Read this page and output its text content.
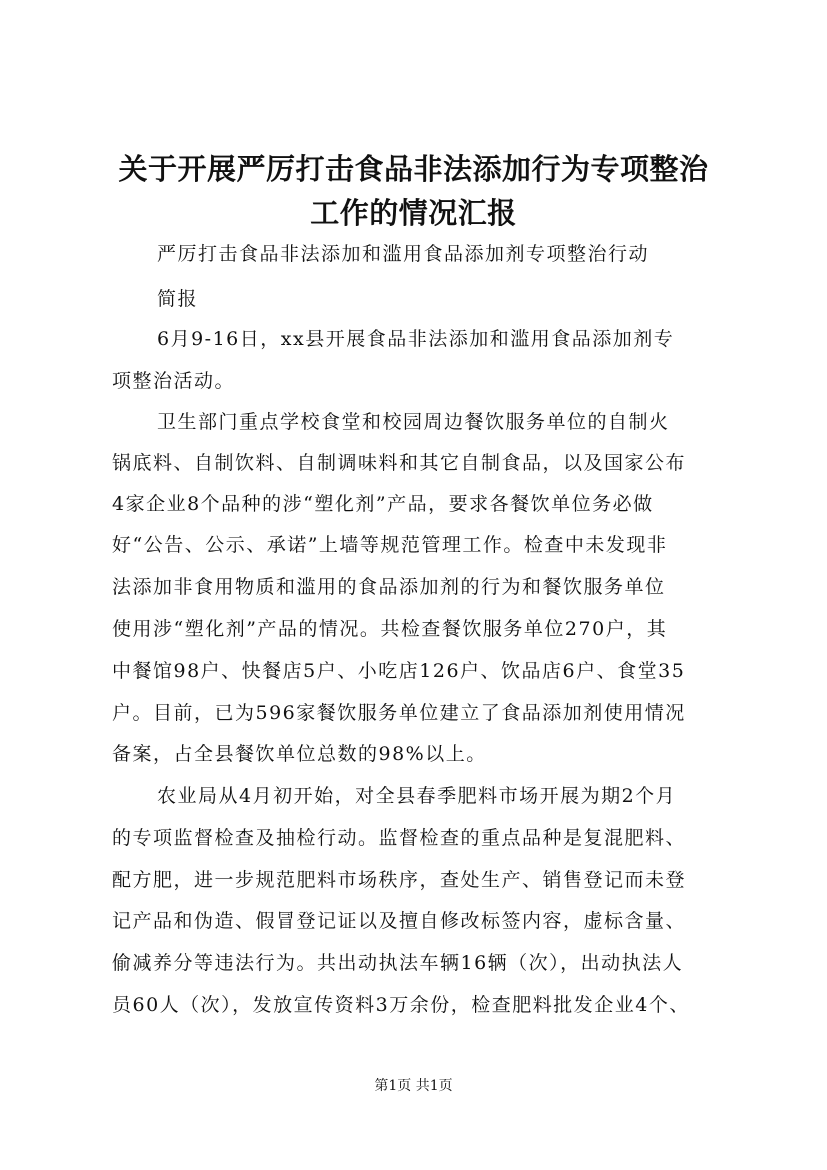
关于开展严厉打击食品非法添加行为专项整治
工作的情况汇报
严厉打击食品非法添加和滥用食品添加剂专项整治行动
简报
6月9-16日，xx县开展食品非法添加和滥用食品添加剂专
项整治活动。
卫生部门重点学校食堂和校园周边餐饮服务单位的自制火
锅底料、自制饮料、自制调味料和其它自制食品，以及国家公布
4家企业8个品种的涉“塑化剂”产品，要求各餐饮单位务必做
好“公告、公示、承诺”上墙等规范管理工作。检查中未发现非
法添加非食用物质和滥用的食品添加剂的行为和餐饮服务单位
使用涉“塑化剂”产品的情况。共检查餐饮服务单位270户，其
中餐馆98户、快餐店5户、小吃店126户、饮品店6户、食堂35
户。目前，已为596家餐饮服务单位建立了食品添加剂使用情况
备案，占全县餐饮单位总数的98%以上。
农业局从4月初开始，对全县春季肥料市场开展为期2个月
的专项监督检查及抽检行动。监督检查的重点品种是复混肥料、
配方肥，进一步规范肥料市场秩序，查处生产、销售登记而未登
记产品和伪造、假冒登记证以及擅自修改标签内容，虚标含量、
偷减养分等违法行为。共出动执法车辆16辆（次），出动执法人
员60人（次），发放宣传资料3万余份，检查肥料批发企业4个、
第1页 共1页
